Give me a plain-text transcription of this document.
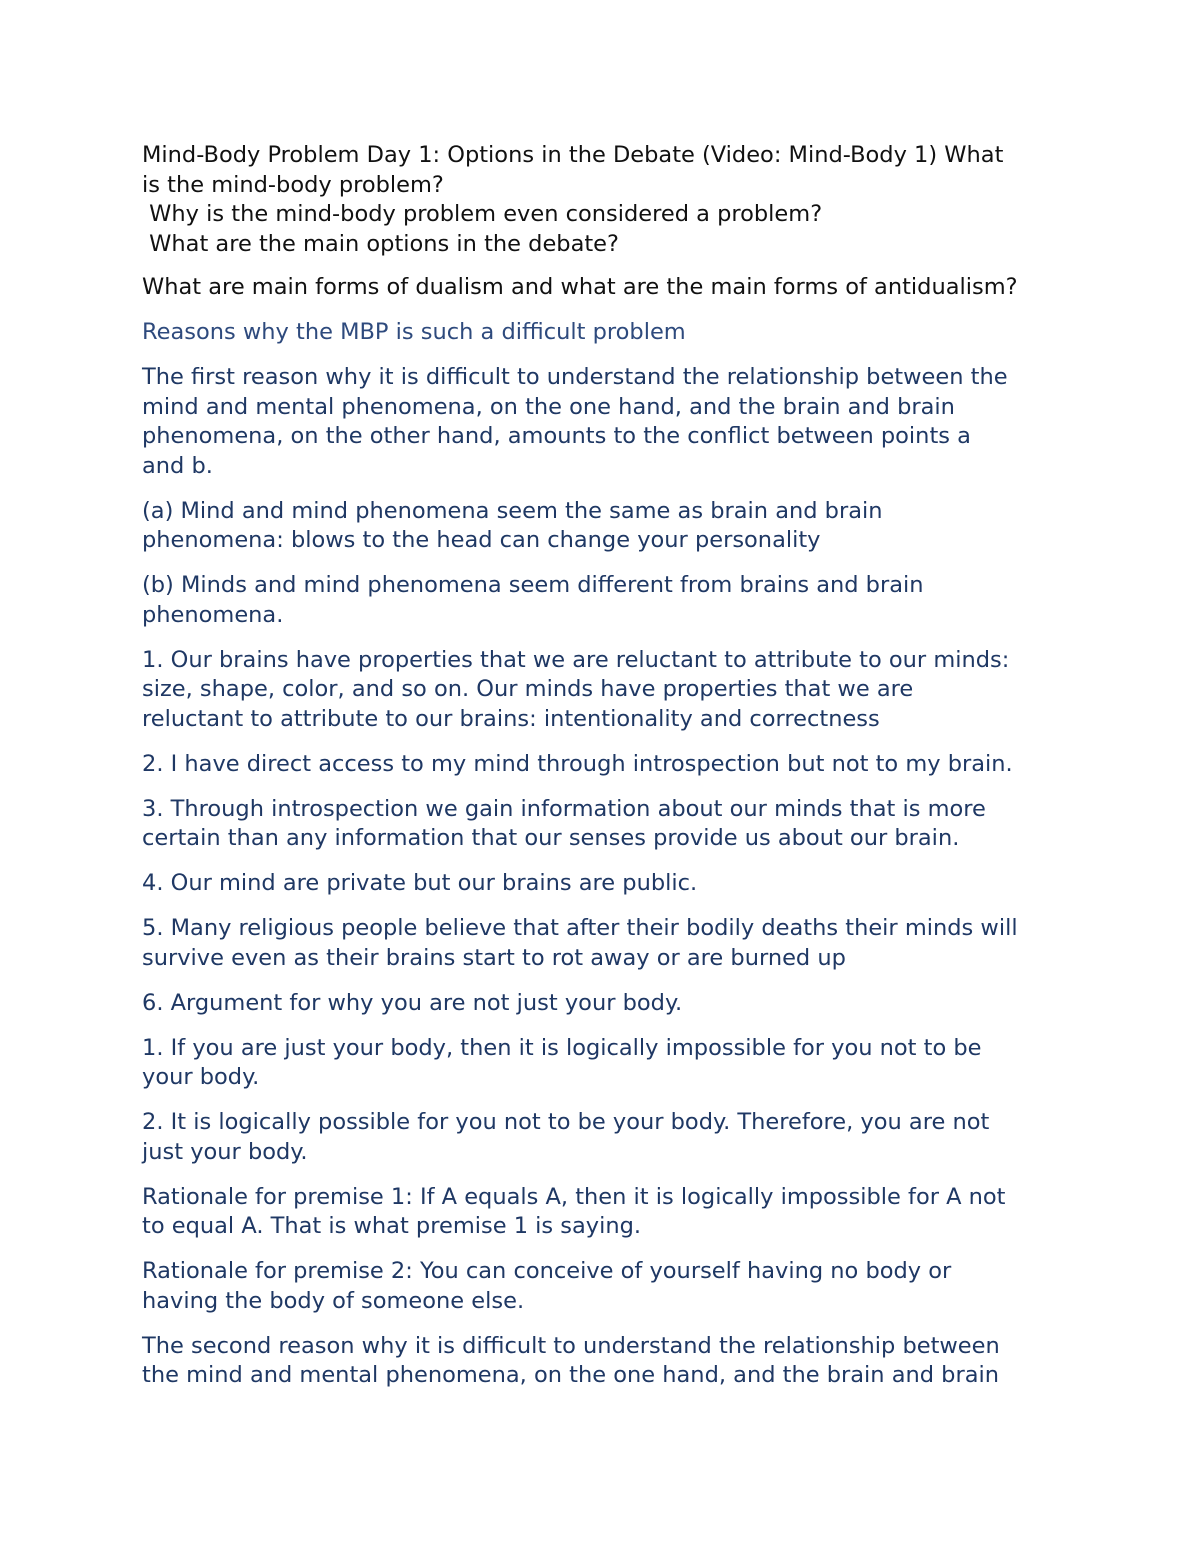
Mind-Body Problem Day 1: Options in the Debate (Video: Mind-Body 1) What
is the mind-body problem?
Why is the mind-body problem even considered a problem?
What are the main options in the debate?
What are main forms of dualism and what are the main forms of antidualism?
Reasons why the MBP is such a difficult problem
The first reason why it is difficult to understand the relationship between the
mind and mental phenomena, on the one hand, and the brain and brain
phenomena, on the other hand, amounts to the conflict between points a
and b.
(a) Mind and mind phenomena seem the same as brain and brain
phenomena: blows to the head can change your personality
(b) Minds and mind phenomena seem different from brains and brain
phenomena.
1. Our brains have properties that we are reluctant to attribute to our minds:
size, shape, color, and so on. Our minds have properties that we are
reluctant to attribute to our brains: intentionality and correctness
2. I have direct access to my mind through introspection but not to my brain.
3. Through introspection we gain information about our minds that is more
certain than any information that our senses provide us about our brain.
4. Our mind are private but our brains are public.
5. Many religious people believe that after their bodily deaths their minds will
survive even as their brains start to rot away or are burned up
6. Argument for why you are not just your body.
1. If you are just your body, then it is logically impossible for you not to be
your body.
2. It is logically possible for you not to be your body. Therefore, you are not
just your body.
Rationale for premise 1: If A equals A, then it is logically impossible for A not
to equal A. That is what premise 1 is saying.
Rationale for premise 2: You can conceive of yourself having no body or
having the body of someone else.
The second reason why it is difficult to understand the relationship between
the mind and mental phenomena, on the one hand, and the brain and brain
